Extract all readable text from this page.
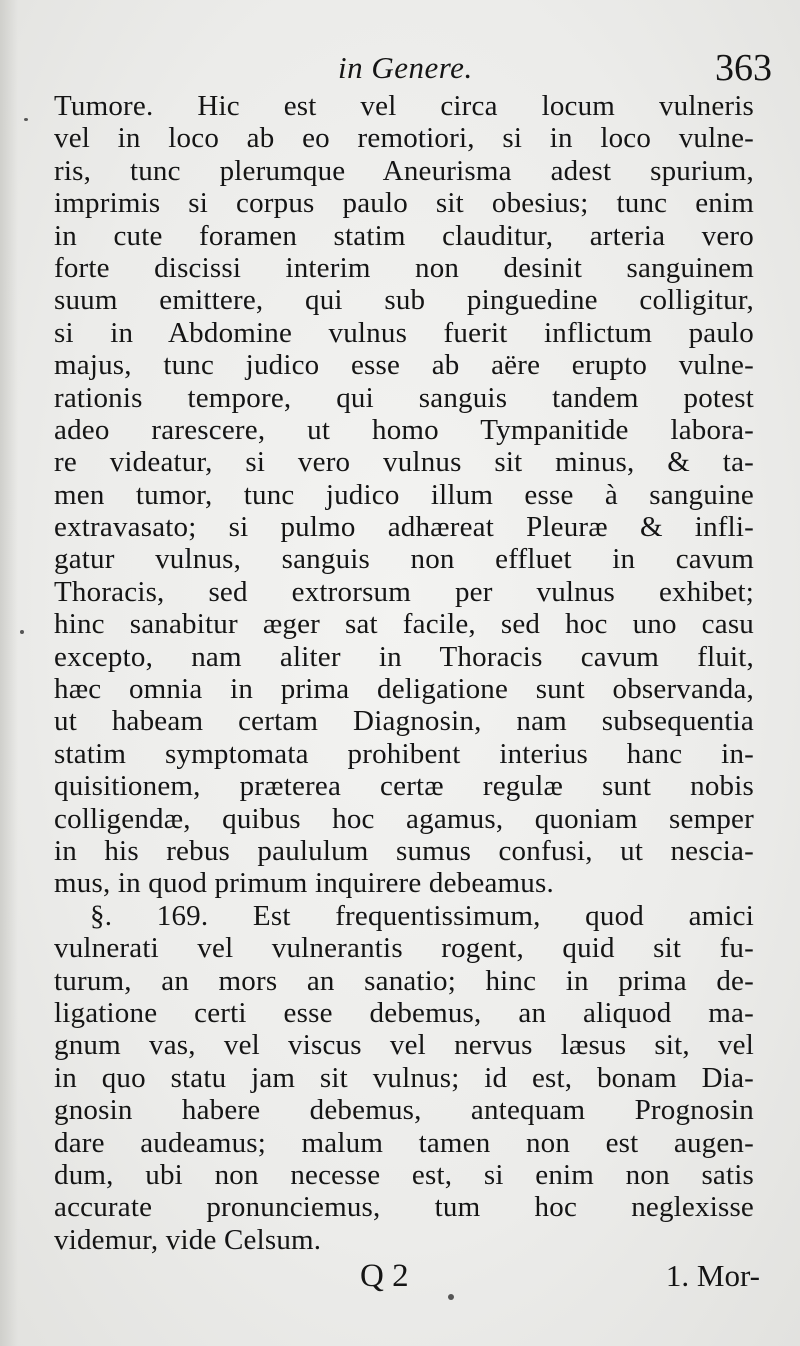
in Genere.	363
Tumore. Hic est vel circa locum vulneris
vel in loco ab eo remotiori, si in loco vulne-
ris, tunc plerumque Aneurisma adest spurium,
imprimis si corpus paulo sit obesius; tunc enim
in cute foramen statim clauditur, arteria vero
forte discissi interim non desinit sanguinem
suum emittere, qui sub pinguedine colligitur,
si in Abdomine vulnus fuerit inflictum paulo
majus, tunc judico esse ab aëre erupto vulne-
rationis tempore, qui sanguis tandem potest
adeo rarescere, ut homo Tympanitide labora-
re videatur, si vero vulnus sit minus, & ta-
men tumor, tunc judico illum esse à sanguine
extravasato; si pulmo adhæreat Pleuræ & infli-
gatur vulnus, sanguis non effluet in cavum
Thoracis, sed extrorsum per vulnus exhibet;
hinc sanabitur æger sat facile, sed hoc uno casu
excepto, nam aliter in Thoracis cavum fluit,
hæc omnia in prima deligatione sunt observanda,
ut habeam certam Diagnosin, nam subsequentia
statim symptomata prohibent interius hanc in-
quisitionem, præterea certæ regulæ sunt nobis
colligendæ, quibus hoc agamus, quoniam semper
in his rebus paululum sumus confusi, ut nescia-
mus, in quod primum inquirere debeamus.
§. 169. Est frequentissimum, quod amici
vulnerati vel vulnerantis rogent, quid sit fu-
turum, an mors an sanatio; hinc in prima de-
ligatione certi esse debemus, an aliquod ma-
gnum vas, vel viscus vel nervus læsus sit, vel
in quo statu jam sit vulnus; id est, bonam Dia-
gnosin habere debemus, antequam Prognosin
dare audeamus; malum tamen non est augen-
dum, ubi non necesse est, si enim non satis
accurate pronunciemus, tum hoc neglexisse
videmur, vide Celsum.
Q 2	1. Mor-
